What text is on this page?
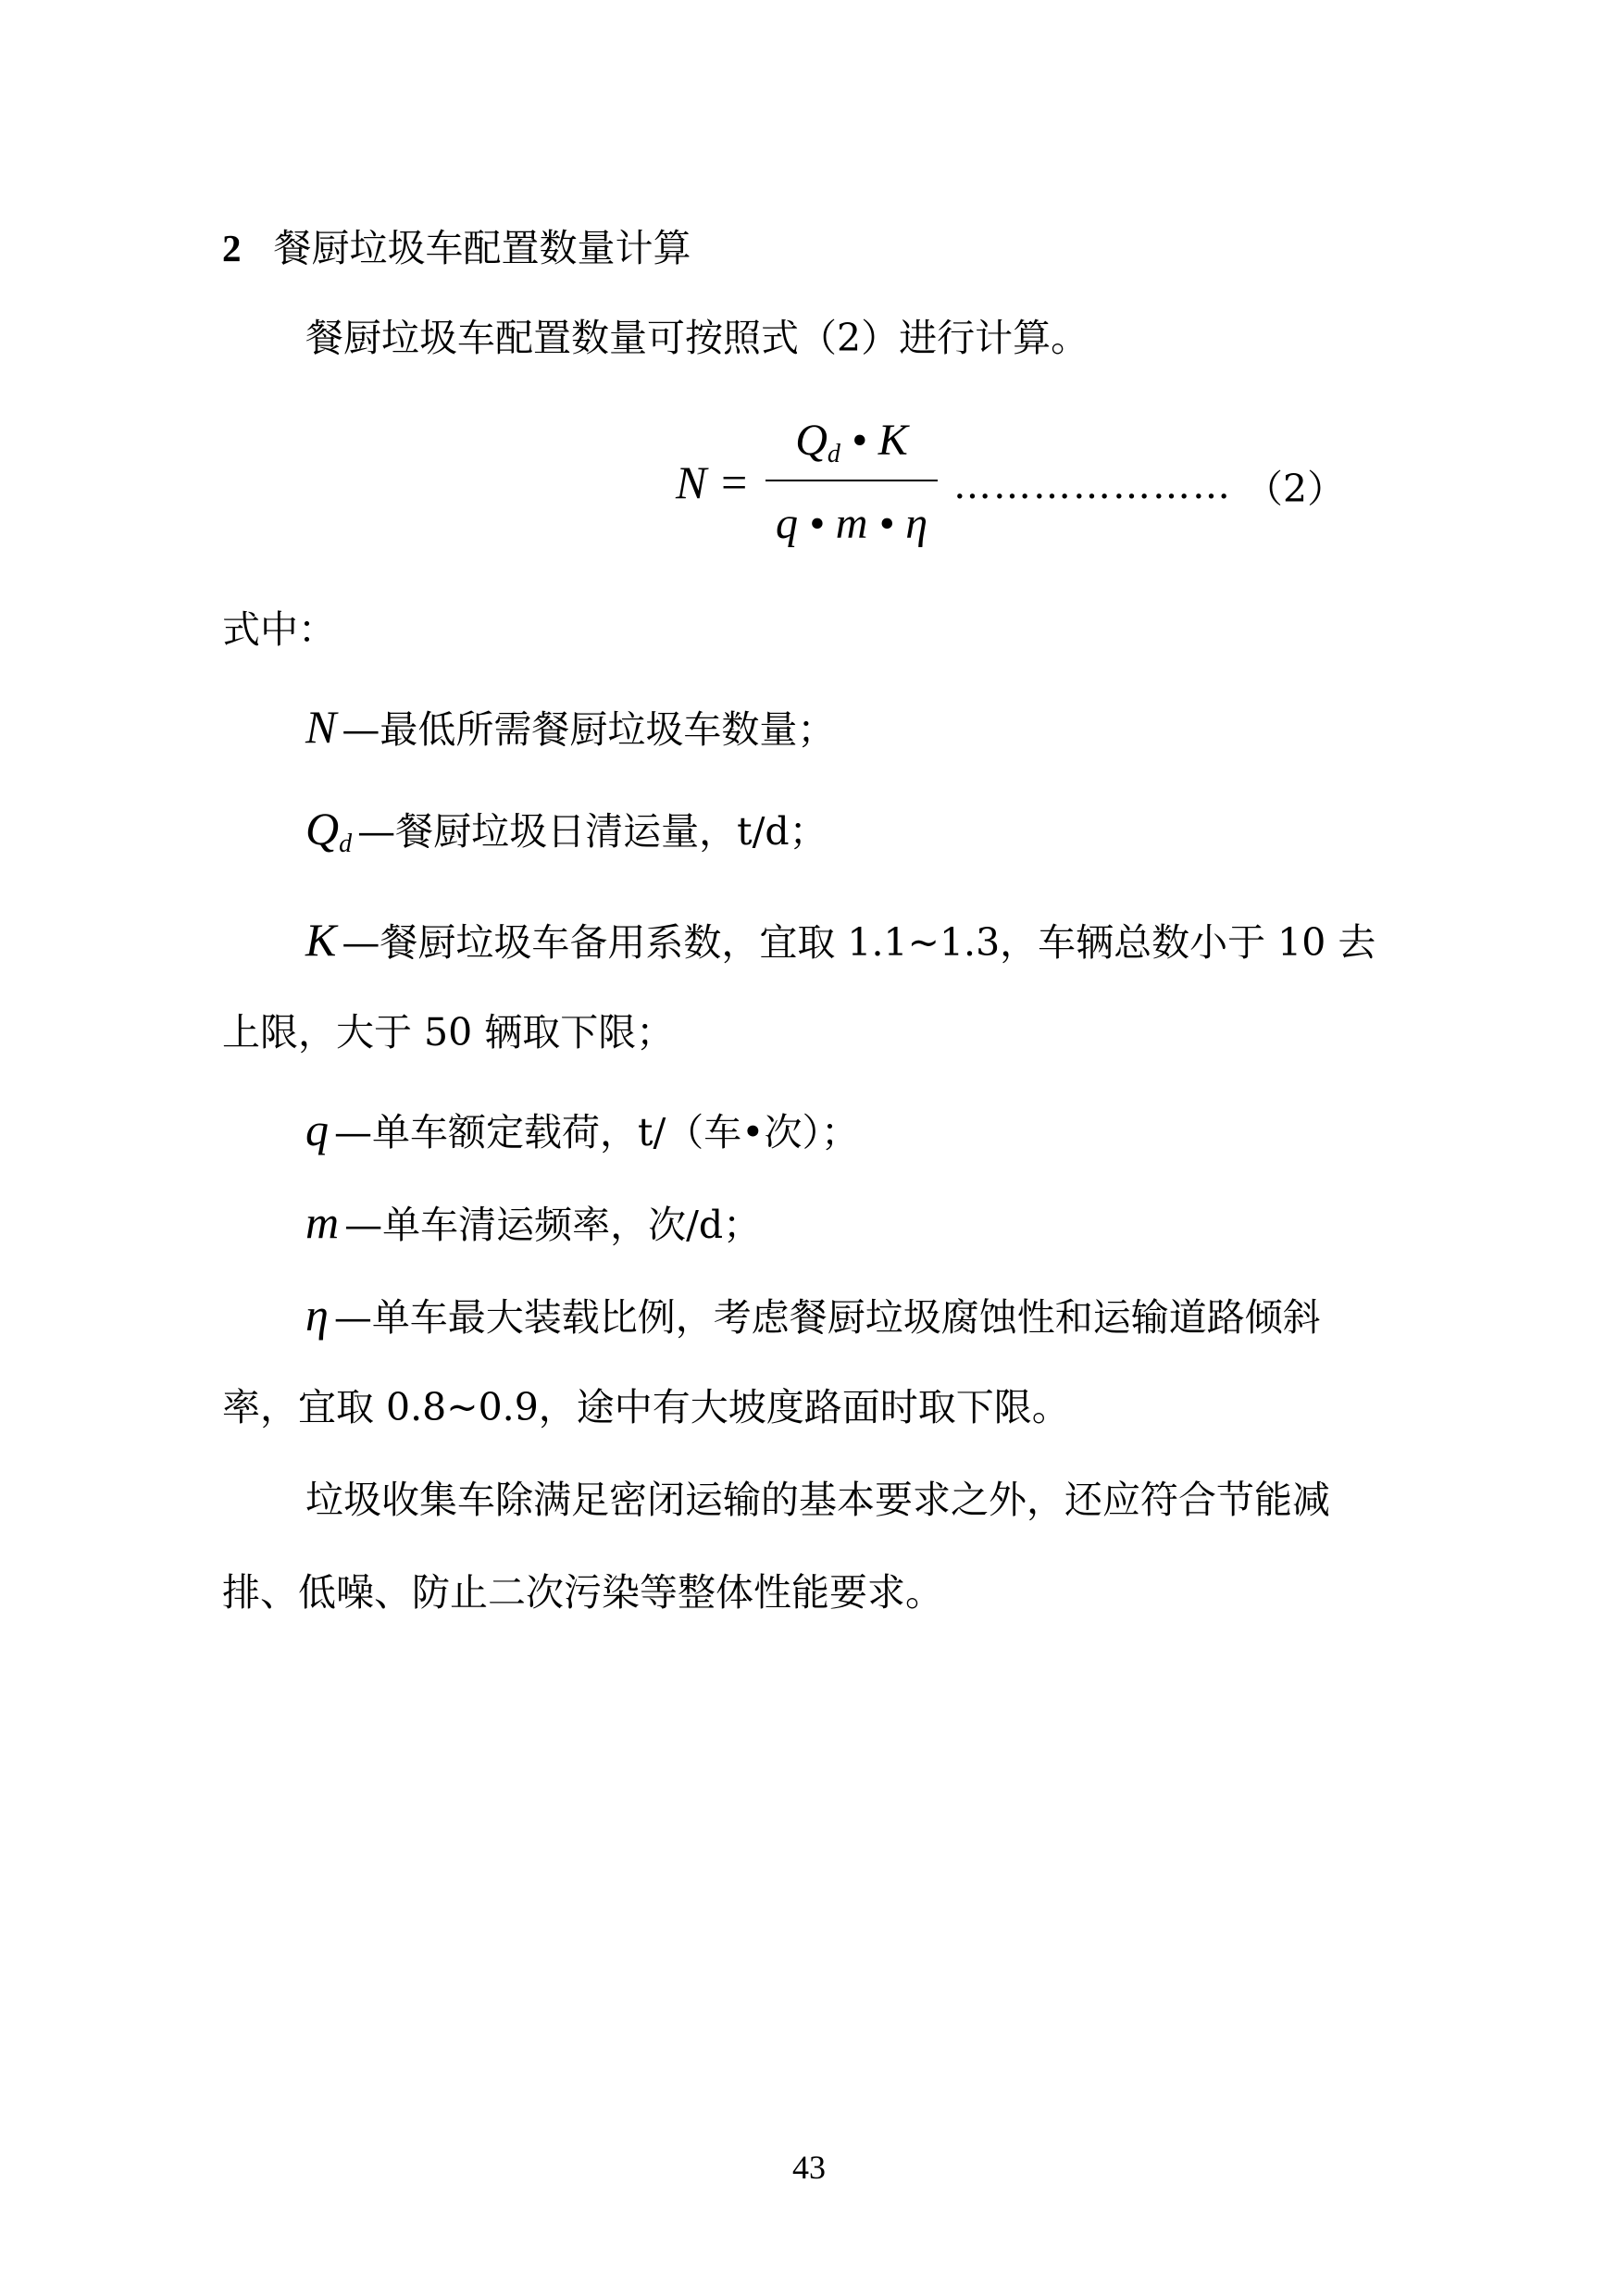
2 餐厨垃圾车配置数量计算
餐厨垃圾车配置数量可按照式（2）进行计算。
N =
$Q_d$ • K
q • m • η
………………… （2）
式中：
N —最低所需餐厨垃圾车数量；
$Q_d$ —餐厨垃圾日清运量，t/d；
K —餐厨垃圾车备用系数，宜取 1.1~1.3，车辆总数小于 10 去
上限，大于 50 辆取下限；
q —单车额定载荷，t/（车•次）；
m —单车清运频率，次/d；
η —单车最大装载比例，考虑餐厨垃圾腐蚀性和运输道路倾斜
率，宜取 0.8~0.9，途中有大坡度路面时取下限。
垃圾收集车除满足密闭运输的基本要求之外，还应符合节能减
排、低噪、防止二次污染等整体性能要求。
43
